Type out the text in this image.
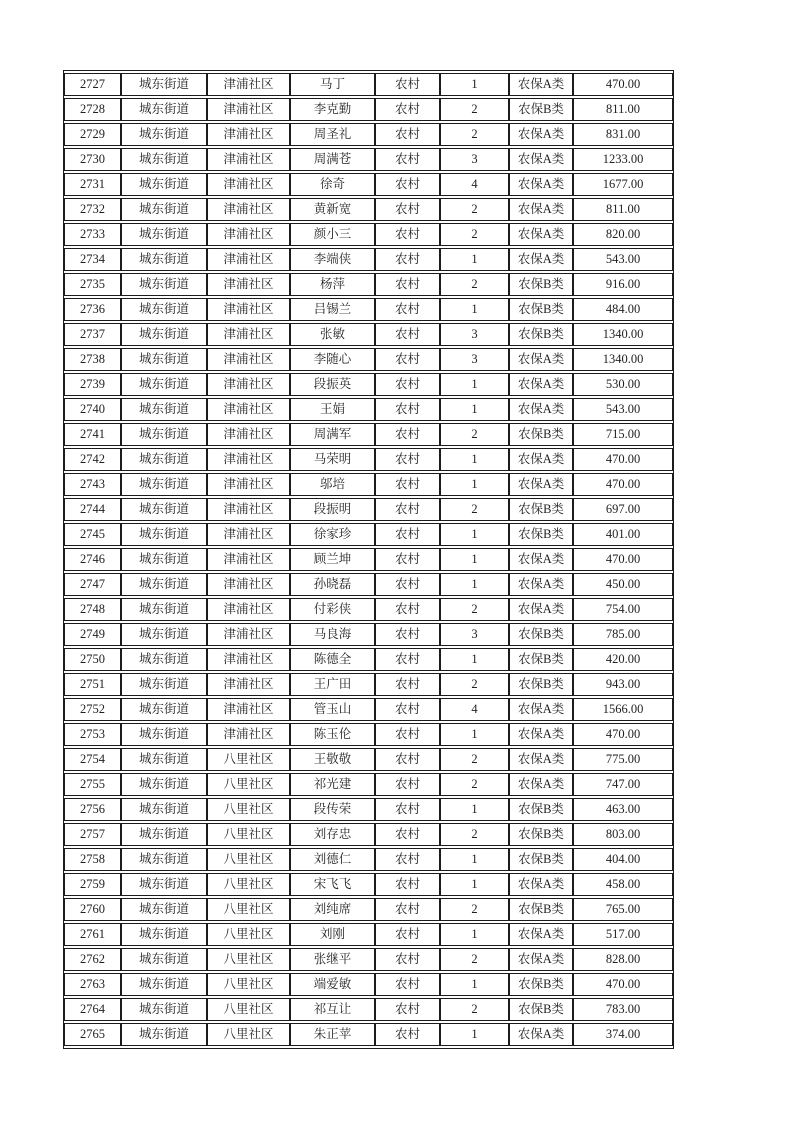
2727	城东街道	津浦社区	马丁	农村	1	农保A类	470.00
2728	城东街道	津浦社区	李克勤	农村	2	农保B类	811.00
2729	城东街道	津浦社区	周圣礼	农村	2	农保A类	831.00
2730	城东街道	津浦社区	周满苍	农村	3	农保A类	1233.00
2731	城东街道	津浦社区	徐奇	农村	4	农保A类	1677.00
2732	城东街道	津浦社区	黄新宽	农村	2	农保A类	811.00
2733	城东街道	津浦社区	颜小三	农村	2	农保A类	820.00
2734	城东街道	津浦社区	李端侠	农村	1	农保A类	543.00
2735	城东街道	津浦社区	杨萍	农村	2	农保B类	916.00
2736	城东街道	津浦社区	吕锡兰	农村	1	农保B类	484.00
2737	城东街道	津浦社区	张敏	农村	3	农保B类	1340.00
2738	城东街道	津浦社区	李随心	农村	3	农保A类	1340.00
2739	城东街道	津浦社区	段振英	农村	1	农保A类	530.00
2740	城东街道	津浦社区	王娟	农村	1	农保A类	543.00
2741	城东街道	津浦社区	周满军	农村	2	农保B类	715.00
2742	城东街道	津浦社区	马荣明	农村	1	农保A类	470.00
2743	城东街道	津浦社区	邬培	农村	1	农保A类	470.00
2744	城东街道	津浦社区	段振明	农村	2	农保B类	697.00
2745	城东街道	津浦社区	徐家珍	农村	1	农保B类	401.00
2746	城东街道	津浦社区	顾兰坤	农村	1	农保A类	470.00
2747	城东街道	津浦社区	孙晓磊	农村	1	农保A类	450.00
2748	城东街道	津浦社区	付彩侠	农村	2	农保A类	754.00
2749	城东街道	津浦社区	马良海	农村	3	农保B类	785.00
2750	城东街道	津浦社区	陈德全	农村	1	农保B类	420.00
2751	城东街道	津浦社区	王广田	农村	2	农保B类	943.00
2752	城东街道	津浦社区	管玉山	农村	4	农保A类	1566.00
2753	城东街道	津浦社区	陈玉伦	农村	1	农保A类	470.00
2754	城东街道	八里社区	王敬敬	农村	2	农保A类	775.00
2755	城东街道	八里社区	祁光建	农村	2	农保A类	747.00
2756	城东街道	八里社区	段传荣	农村	1	农保B类	463.00
2757	城东街道	八里社区	刘存忠	农村	2	农保B类	803.00
2758	城东街道	八里社区	刘德仁	农村	1	农保B类	404.00
2759	城东街道	八里社区	宋飞飞	农村	1	农保A类	458.00
2760	城东街道	八里社区	刘纯席	农村	2	农保B类	765.00
2761	城东街道	八里社区	刘刚	农村	1	农保A类	517.00
2762	城东街道	八里社区	张继平	农村	2	农保A类	828.00
2763	城东街道	八里社区	端爱敏	农村	1	农保B类	470.00
2764	城东街道	八里社区	祁互让	农村	2	农保B类	783.00
2765	城东街道	八里社区	朱正苹	农村	1	农保A类	374.00
